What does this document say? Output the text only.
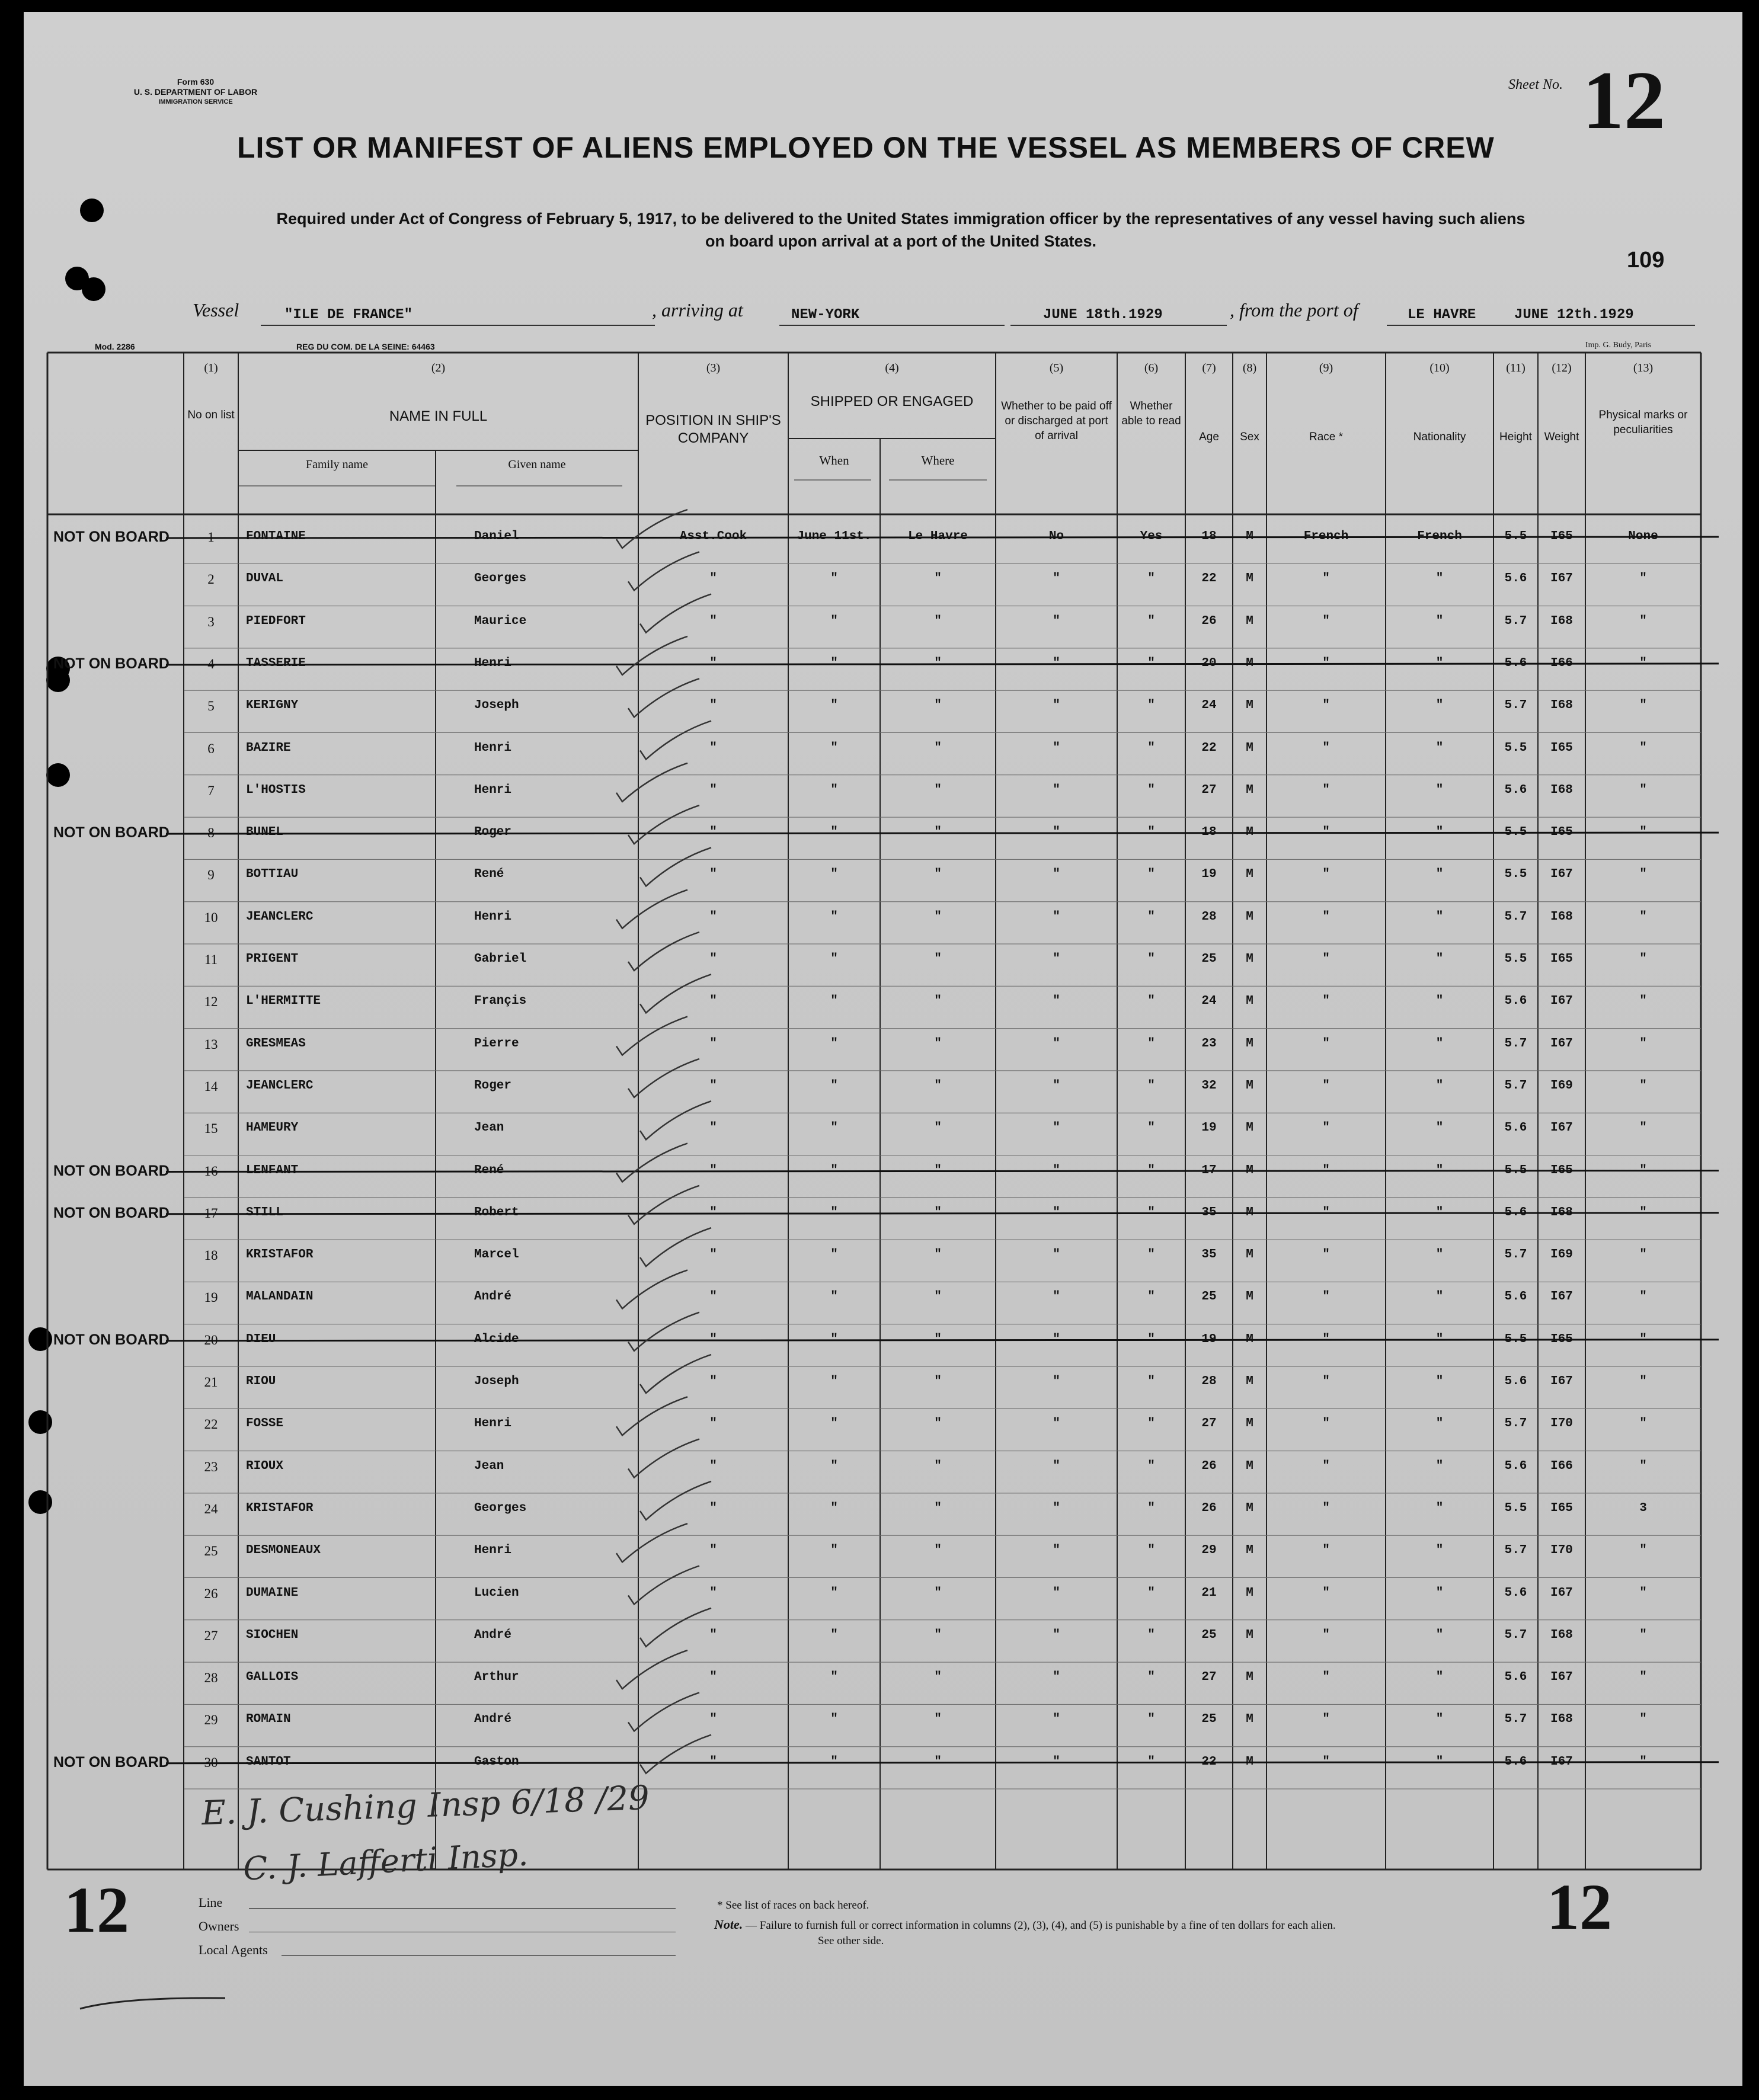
Form 630
U. S. DEPARTMENT OF LABOR
IMMIGRATION SERVICE
Sheet No. 12
LIST OR MANIFEST OF ALIENS EMPLOYED ON THE VESSEL AS MEMBERS OF CREW
Required under Act of Congress of February 5, 1917, to be delivered to the United States immigration officer by the representatives of any vessel having such aliens
on board upon arrival at a port of the United States.
109
Vessel	"ILE DE FRANCE"	, arriving at	NEW-YORK	JUNE 18th.1929	, from the port of	LE HAVRE	JUNE 12th.1929
Mod. 2286	REG DU COM. DE LA SEINE: 64463	Imp. G. Budy, Paris
(1)
No on list
(2)
NAME IN FULL
(3)
POSITION IN SHIP'S COMPANY
(4)
SHIPPED OR ENGAGED
(5)
Whether to be paid off or discharged at port of arrival
(6)
Whether able to read
(7)
Age
(8)
Sex
(9)
Race *
(10)
Nationality
(11)
Height
(12)
Weight
(13)
Physical marks or peculiarities
Family name	Given name	When	Where
1	FONTAINE	Daniel	Asst.Cook	June 11st.	Le Havre	No	Yes	18	M	French	French	5.5	I65	None
NOT ON BOARD
2	DUVAL	Georges	"	"	"	"	"	22	M	"	"	5.6	I67	"
3	PIEDFORT	Maurice	"	"	"	"	"	26	M	"	"	5.7	I68	"
4	TASSERIE	Henri	"	"	"	"	"	20	M	"	"	5.6	I66	"
NOT ON BOARD
5	KERIGNY	Joseph	"	"	"	"	"	24	M	"	"	5.7	I68	"
6	BAZIRE	Henri	"	"	"	"	"	22	M	"	"	5.5	I65	"
7	L'HOSTIS	Henri	"	"	"	"	"	27	M	"	"	5.6	I68	"
8	BUNEL	Roger	"	"	"	"	"	18	M	"	"	5.5	I65	"
NOT ON BOARD
9	BOTTIAU	René	"	"	"	"	"	19	M	"	"	5.5	I67	"
10	JEANCLERC	Henri	"	"	"	"	"	28	M	"	"	5.7	I68	"
11	PRIGENT	Gabriel	"	"	"	"	"	25	M	"	"	5.5	I65	"
12	L'HERMITTE	Françis	"	"	"	"	"	24	M	"	"	5.6	I67	"
13	GRESMEAS	Pierre	"	"	"	"	"	23	M	"	"	5.7	I67	"
14	JEANCLERC	Roger	"	"	"	"	"	32	M	"	"	5.7	I69	"
15	HAMEURY	Jean	"	"	"	"	"	19	M	"	"	5.6	I67	"
16	LENFANT	René	"	"	"	"	"	17	M	"	"	5.5	I65	"
NOT ON BOARD
17	STILL	Robert	"	"	"	"	"	35	M	"	"	5.6	I68	"
NOT ON BOARD
18	KRISTAFOR	Marcel	"	"	"	"	"	35	M	"	"	5.7	I69	"
19	MALANDAIN	André	"	"	"	"	"	25	M	"	"	5.6	I67	"
20	DIEU	Alcide	"	"	"	"	"	19	M	"	"	5.5	I65	"
NOT ON BOARD
21	RIOU	Joseph	"	"	"	"	"	28	M	"	"	5.6	I67	"
22	FOSSE	Henri	"	"	"	"	"	27	M	"	"	5.7	I70	"
23	RIOUX	Jean	"	"	"	"	"	26	M	"	"	5.6	I66	"
24	KRISTAFOR	Georges	"	"	"	"	"	26	M	"	"	5.5	I65	3
25	DESMONEAUX	Henri	"	"	"	"	"	29	M	"	"	5.7	I70	"
26	DUMAINE	Lucien	"	"	"	"	"	21	M	"	"	5.6	I67	"
27	SIOCHEN	André	"	"	"	"	"	25	M	"	"	5.7	I68	"
28	GALLOIS	Arthur	"	"	"	"	"	27	M	"	"	5.6	I67	"
29	ROMAIN	André	"	"	"	"	"	25	M	"	"	5.7	I68	"
30	SANTOT	Gaston	"	"	"	"	"	22	M	"	"	5.6	I67	"
NOT ON BOARD
E. J. Cushing Insp 6/18 /29
C. J. Lafferti Insp.
12	12
Line
Owners
Local Agents
* See list of races on back hereof.
Note. — Failure to furnish full or correct information in columns (2), (3), (4), and (5) is punishable by a fine of ten dollars for each alien.
See other side.
